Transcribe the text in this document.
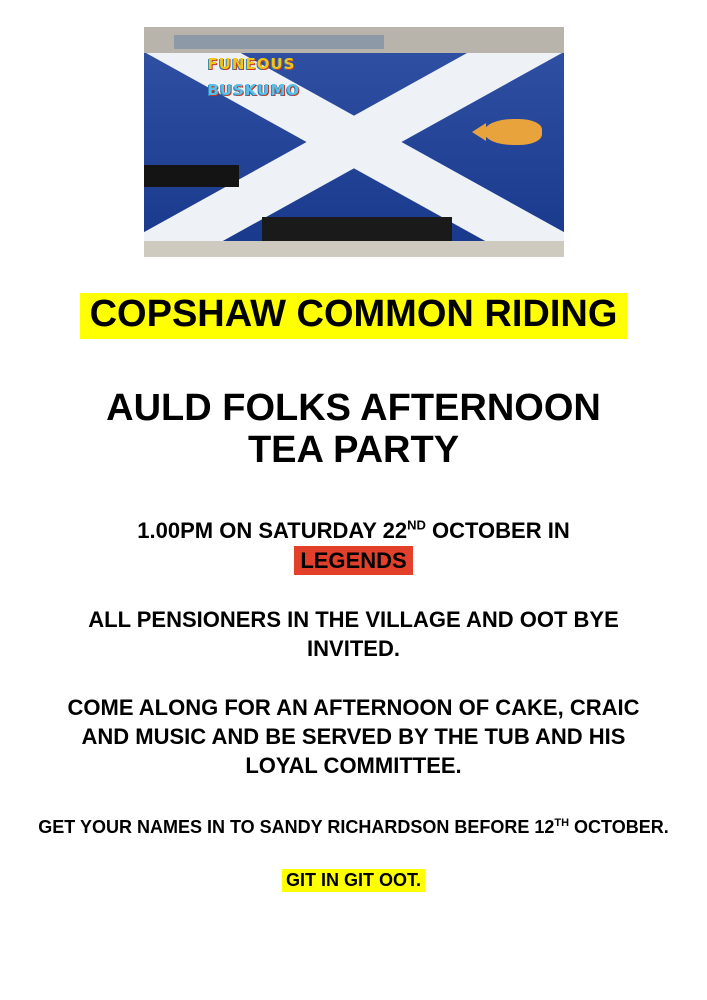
FUNEOUS
BUSKUMO
COPSHAW COMMON RIDING
AULD FOLKS AFTERNOON
TEA PARTY
1.00PM ON SATURDAY 22ND OCTOBER IN
LEGENDS
ALL PENSIONERS IN THE VILLAGE AND OOT BYE INVITED.
COME ALONG FOR AN AFTERNOON OF CAKE, CRAIC AND MUSIC AND BE SERVED BY THE TUB AND HIS LOYAL COMMITTEE.
GET YOUR NAMES IN TO SANDY RICHARDSON BEFORE 12TH OCTOBER.
GIT IN GIT OOT.
